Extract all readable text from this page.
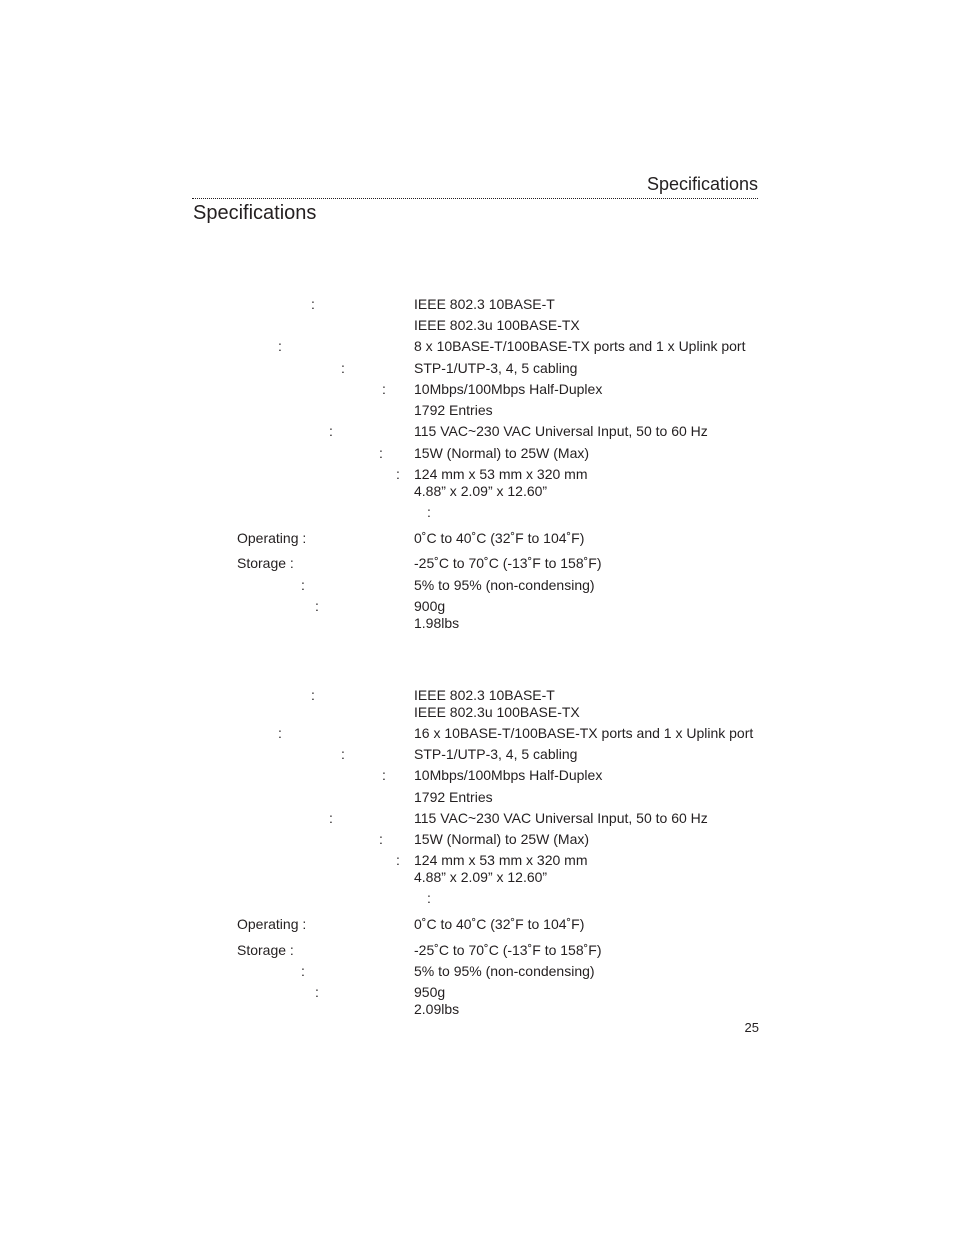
Specifications
Specifications

:	IEEE 802.3 10BASE-T

IEEE 802.3u 100BASE-TX

:	8 x 10BASE-T/100BASE-TX ports and 1 x Uplink port

:	STP-1/UTP-3, 4, 5 cabling

: 10Mbps/100Mbps Half-Duplex

1792 Entries

:	115 VAC~230 VAC Universal Input, 50 to 60 Hz

: 15W (Normal) to 25W (Max)

: 124 mm x 53 mm x 320 mm

4.88” x 2.09” x 12.60”

:

Operating :	0˚C to 40˚C (32˚F to 104˚F)

Storage :	-25˚C to 70˚C (-13˚F to 158˚F)

:	5% to 95% (non-condensing)

:	900g

1.98lbs

:	IEEE 802.3 10BASE-T

IEEE 802.3u 100BASE-TX

:	16 x 10BASE-T/100BASE-TX ports and 1 x Uplink port

:	STP-1/UTP-3, 4, 5 cabling

: 10Mbps/100Mbps Half-Duplex

1792 Entries

:	115 VAC~230 VAC Universal Input, 50 to 60 Hz

: 15W (Normal) to 25W (Max)

: 124 mm x 53 mm x 320 mm

4.88” x 2.09” x 12.60”

:

Operating :	0˚C to 40˚C (32˚F to 104˚F)

Storage :	-25˚C to 70˚C (-13˚F to 158˚F)

:	5% to 95% (non-condensing)

:	950g

2.09lbs

25
